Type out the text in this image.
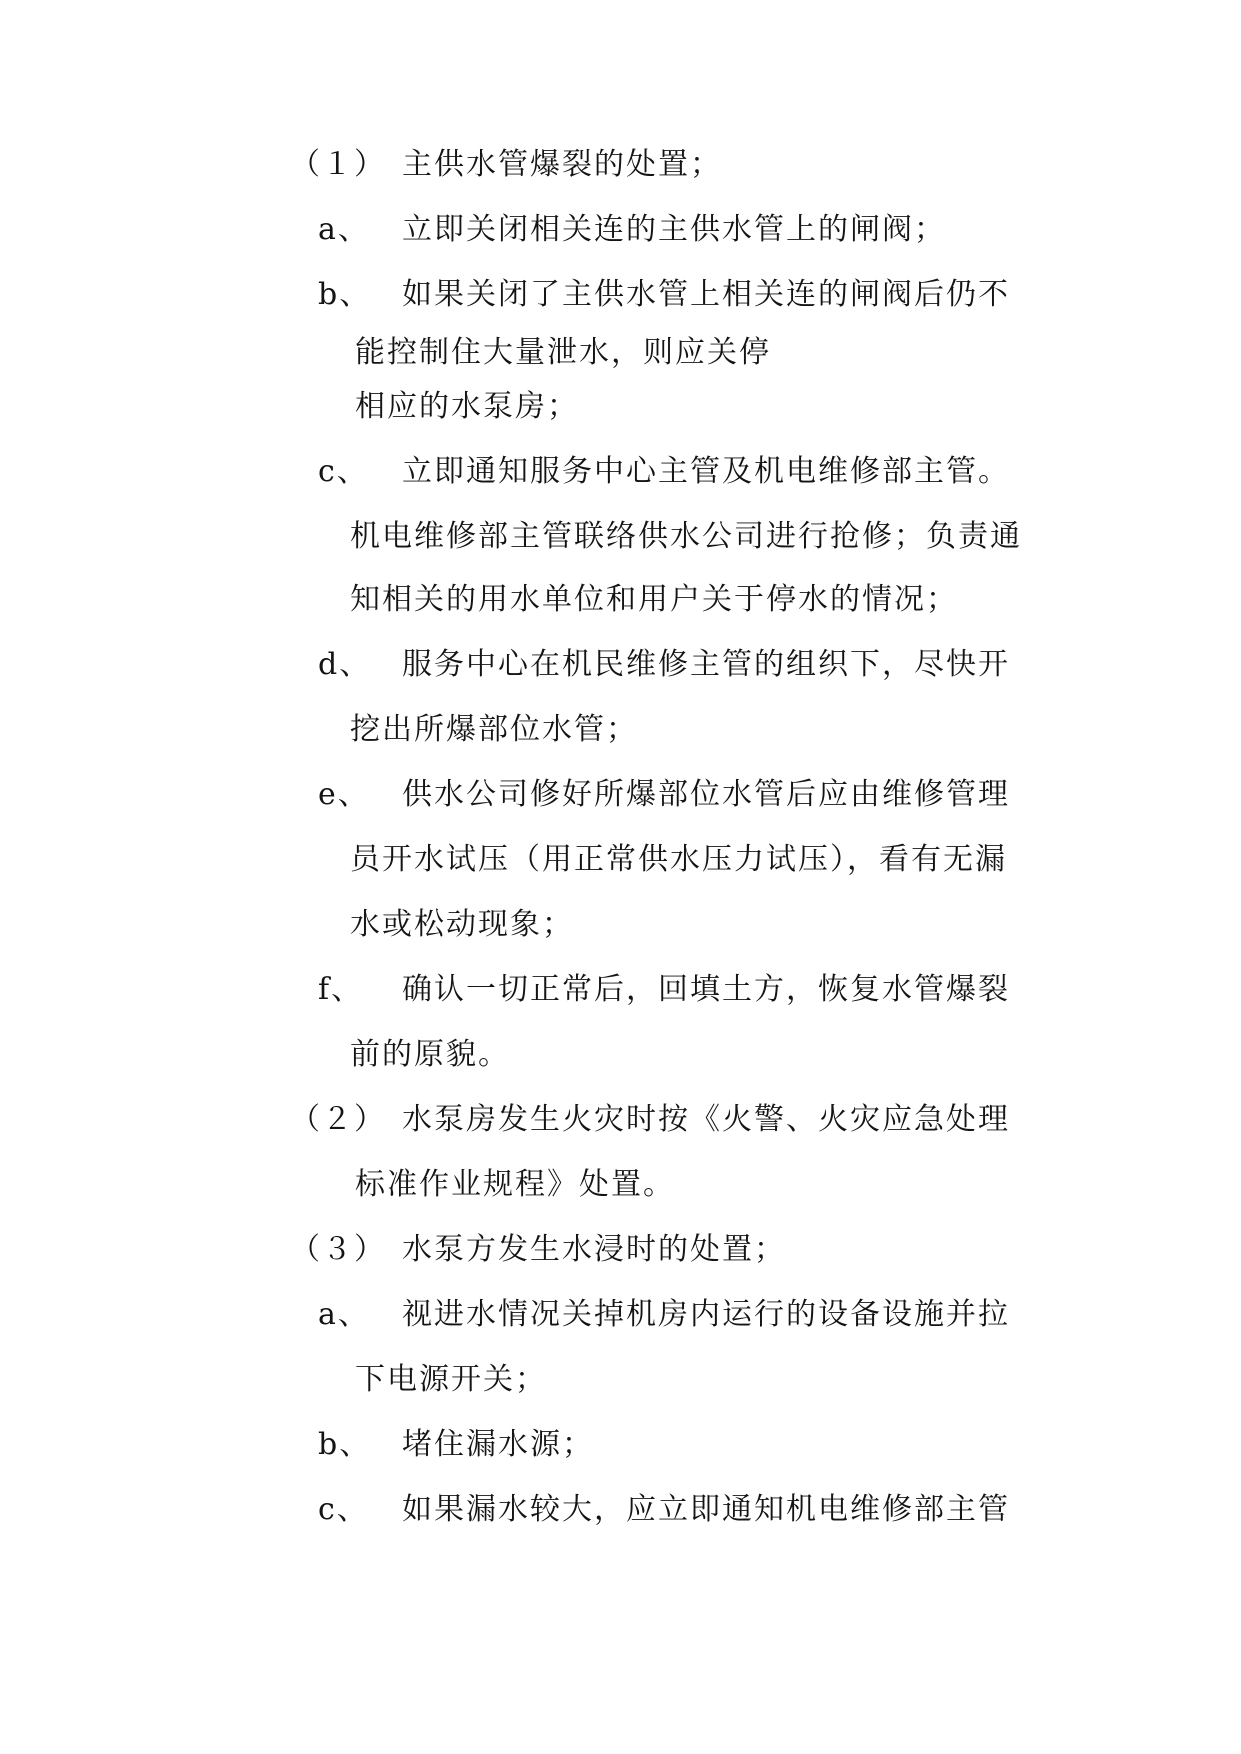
（１） 主供水管爆裂的处置；
a、 立即关闭相关连的主供水管上的闸阀；
b、 如果关闭了主供水管上相关连的闸阀后仍不
能控制住大量泄水，则应关停
相应的水泵房；
c、 立即通知服务中心主管及机电维修部主管。
机电维修部主管联络供水公司进行抢修；负责通
知相关的用水单位和用户关于停水的情况；
d、 服务中心在机民维修主管的组织下，尽快开
挖出所爆部位水管；
e、 供水公司修好所爆部位水管后应由维修管理
员开水试压（用正常供水压力试压），看有无漏
水或松动现象；
f、 确认一切正常后，回填土方，恢复水管爆裂
前的原貌。
（２） 水泵房发生火灾时按《火警、火灾应急处理
标准作业规程》处置。
（３） 水泵方发生水浸时的处置；
a、 视进水情况关掉机房内运行的设备设施并拉
下电源开关；
b、 堵住漏水源；
c、 如果漏水较大，应立即通知机电维修部主管
